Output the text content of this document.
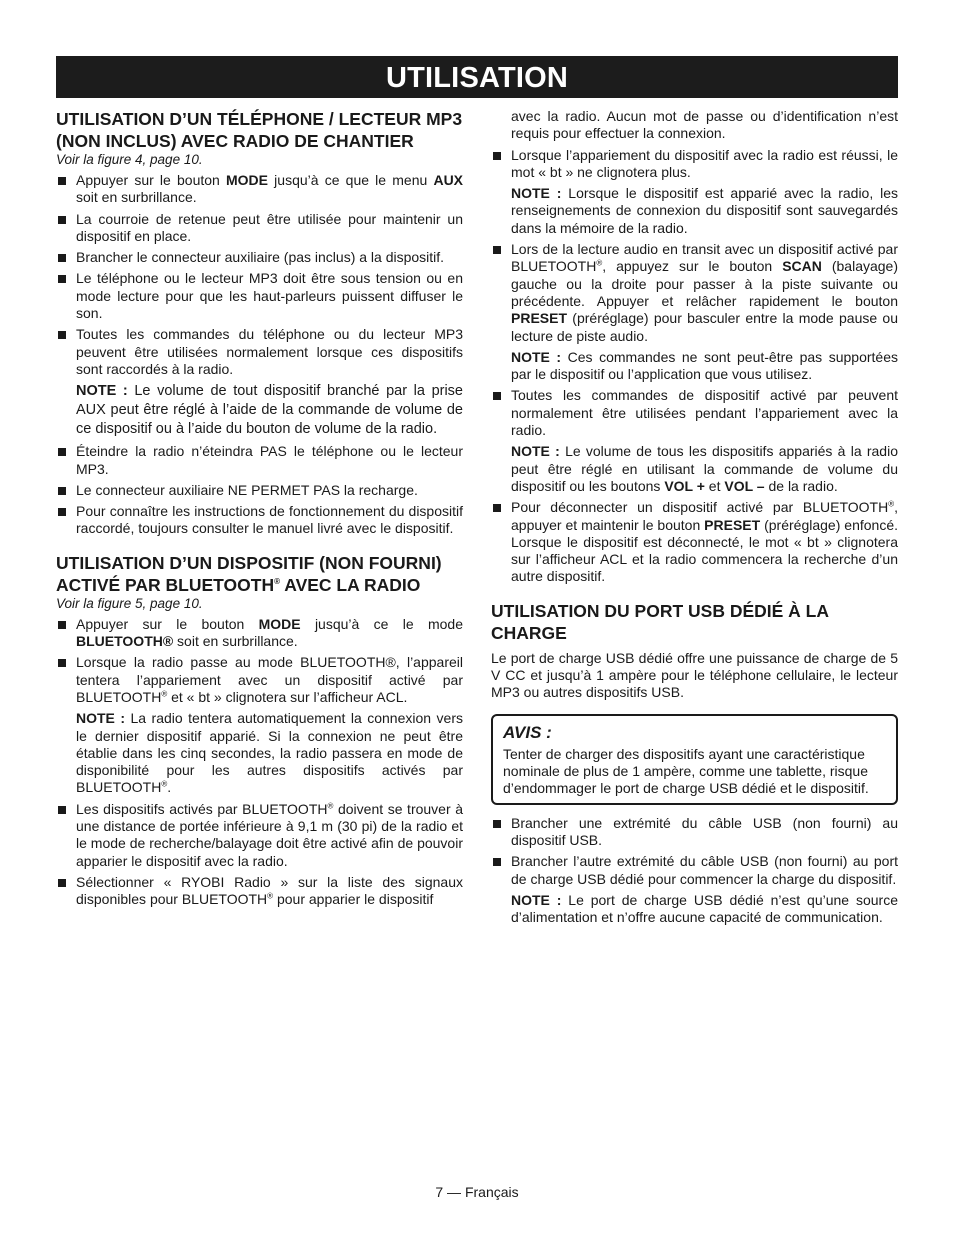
UTILISATION
UTILISATION D’UN TÉLÉPHONE / LECTEUR MP3 (NON INCLUS) AVEC RADIO DE CHANTIER
Voir la figure 4, page 10.
Appuyer sur le bouton MODE jusqu’à ce que le menu AUX soit en surbrillance.
La courroie de retenue peut être utilisée pour maintenir un dispositif en place.
Brancher le connecteur auxiliaire (pas inclus) a la dispositif.
Le téléphone ou le lecteur MP3 doit être sous tension ou en mode lecture pour que les haut-parleurs puissent diffuser le son.
Toutes les commandes du téléphone ou du lecteur MP3 peuvent être utilisées normalement lorsque ces dispositifs sont raccordés à la radio.
NOTE : Le volume de tout dispositif branché par la prise AUX peut être réglé à l’aide de la commande de volume de ce dispositif ou à l’aide du bouton de volume de la radio.
Éteindre la radio n’éteindra PAS le téléphone ou le lecteur MP3.
Le connecteur auxiliaire NE PERMET PAS la recharge.
Pour connaître les instructions de fonctionnement du dispositif raccordé, toujours consulter le manuel livré avec le dispositif.
UTILISATION D’UN DISPOSITIF (NON FOURNI) ACTIVÉ PAR BLUETOOTH® AVEC LA RADIO
Voir la figure 5, page 10.
Appuyer sur le bouton MODE jusqu’à ce le mode BLUETOOTH® soit en surbrillance.
Lorsque la radio passe au mode BLUETOOTH®, l’appareil tentera l’appariement avec un dispositif activé par BLUETOOTH® et « bt » clignotera sur l’afficheur ACL.
NOTE : La radio tentera automatiquement la connexion vers le dernier dispositif apparié. Si la connexion ne peut être établie dans les cinq secondes, la radio passera en mode de disponibilité pour les autres dispositifs activés par BLUETOOTH®.
Les dispositifs activés par BLUETOOTH® doivent se trouver à une distance de portée inférieure à 9,1 m (30 pi) de la radio et le mode de recherche/balayage doit être activé afin de pouvoir apparier le dispositif avec la radio.
Sélectionner « RYOBI Radio » sur la liste des signaux disponibles pour BLUETOOTH® pour apparier le dispositif
avec la radio. Aucun mot de passe ou d’identification n’est requis pour effectuer la connexion.
Lorsque l’appariement du dispositif avec la radio est réussi, le mot « bt » ne clignotera plus.
NOTE : Lorsque le dispositif est apparié avec la radio, les renseignements de connexion du dispositif sont sauvegardés dans la mémoire de la radio.
Lors de la lecture audio en transit avec un dispositif activé par BLUETOOTH®, appuyez sur le bouton SCAN (balayage) gauche ou la droite pour passer à la piste suivante ou précédente. Appuyer et relâcher rapidement le bouton PRESET (préréglage) pour basculer entre la mode pause ou lecture de piste audio.
NOTE : Ces commandes ne sont peut-être pas supportées par le dispositif ou l’application que vous utilisez.
Toutes les commandes de dispositif activé par peuvent normalement être utilisées pendant l’appariement avec la radio.
NOTE : Le volume de tous les dispositifs appariés à la radio peut être réglé en utilisant la commande de volume du dispositif ou les boutons VOL + et VOL – de la radio.
Pour déconnecter un dispositif activé par BLUETOOTH®, appuyer et maintenir le bouton PRESET (préréglage) enfoncé. Lorsque le dispositif est déconnecté, le mot « bt » clignotera sur l’afficheur ACL et la radio commencera la recherche d’un autre dispositif.
UTILISATION DU PORT USB DÉDIÉ À LA CHARGE
Le port de charge USB dédié offre une puissance de charge de 5 V CC et jusqu’à 1 ampère pour le téléphone cellulaire, le lecteur MP3 ou autres dispositifs USB.
AVIS :
Tenter de charger des dispositifs ayant une caractéristique nominale de plus de 1 ampère, comme une tablette, risque d’endommager le port de charge USB dédié et le dispositif.
Brancher une extrémité du câble USB (non fourni) au dispositif USB.
Brancher l’autre extrémité du câble USB (non fourni) au port de charge USB dédié pour commencer la charge du dispositif.
NOTE : Le port de charge USB dédié n’est qu’une source d’alimentation et n’offre aucune capacité de communication.
7 — Français
